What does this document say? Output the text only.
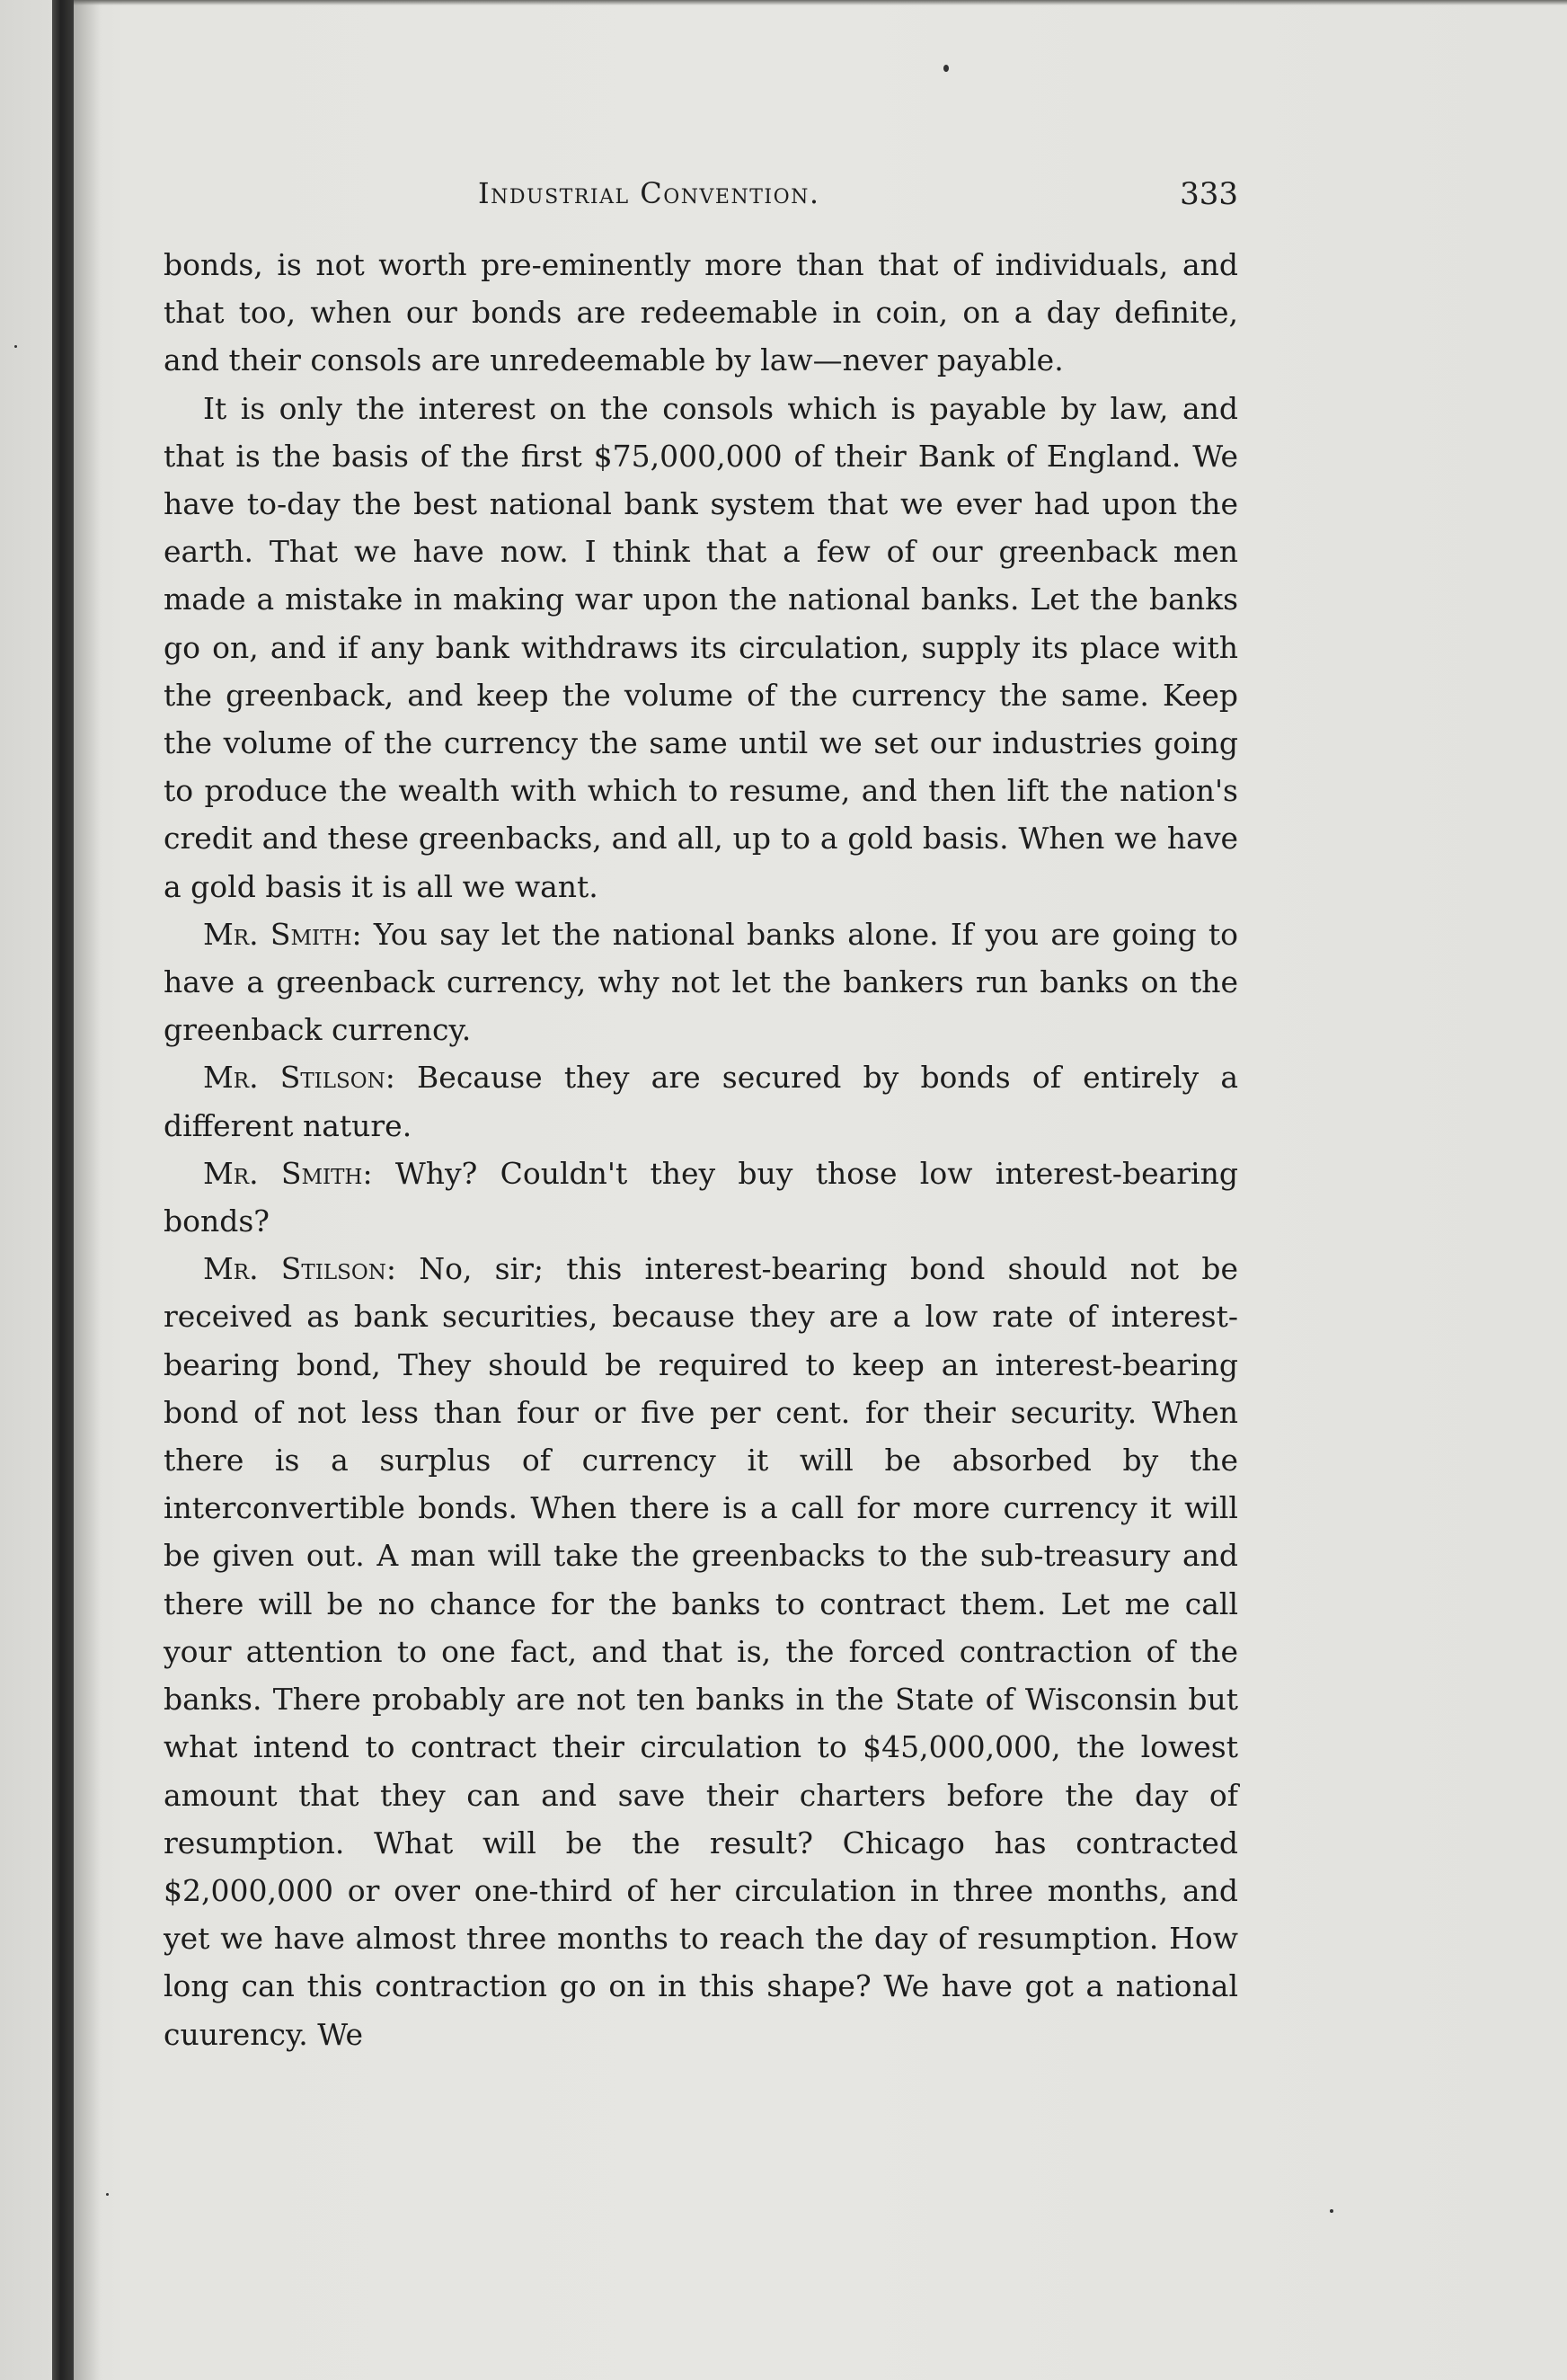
Industrial Convention.	333

bonds, is not worth pre-eminently more than that of individuals, and that too, when our bonds are redeemable in coin, on a day definite, and their consols are unredeemable by law—never payable.

It is only the interest on the consols which is payable by law, and that is the basis of the first $75,000,000 of their Bank of England. We have to-day the best national bank system that we ever had upon the earth. That we have now. I think that a few of our greenback men made a mistake in making war upon the national banks. Let the banks go on, and if any bank withdraws its circulation, supply its place with the greenback, and keep the volume of the currency the same. Keep the volume of the currency the same until we set our industries going to produce the wealth with which to resume, and then lift the nation's credit and these greenbacks, and all, up to a gold basis. When we have a gold basis it is all we want.

Mr. Smith: You say let the national banks alone. If you are going to have a greenback currency, why not let the bankers run banks on the greenback currency.

Mr. Stilson: Because they are secured by bonds of entirely a different nature.

Mr. Smith: Why? Couldn't they buy those low interest-bearing bonds?

Mr. Stilson: No, sir; this interest-bearing bond should not be received as bank securities, because they are a low rate of interest-bearing bond, They should be required to keep an interest-bearing bond of not less than four or five per cent. for their security. When there is a surplus of currency it will be absorbed by the interconvertible bonds. When there is a call for more currency it will be given out. A man will take the greenbacks to the sub-treasury and there will be no chance for the banks to contract them. Let me call your attention to one fact, and that is, the forced contraction of the banks. There probably are not ten banks in the State of Wisconsin but what intend to contract their circulation to $45,000,000, the lowest amount that they can and save their charters before the day of resumption. What will be the result? Chicago has contracted $2,000,000 or over one-third of her circulation in three months, and yet we have almost three months to reach the day of resumption. How long can this contraction go on in this shape? We have got a national cuurency. We
